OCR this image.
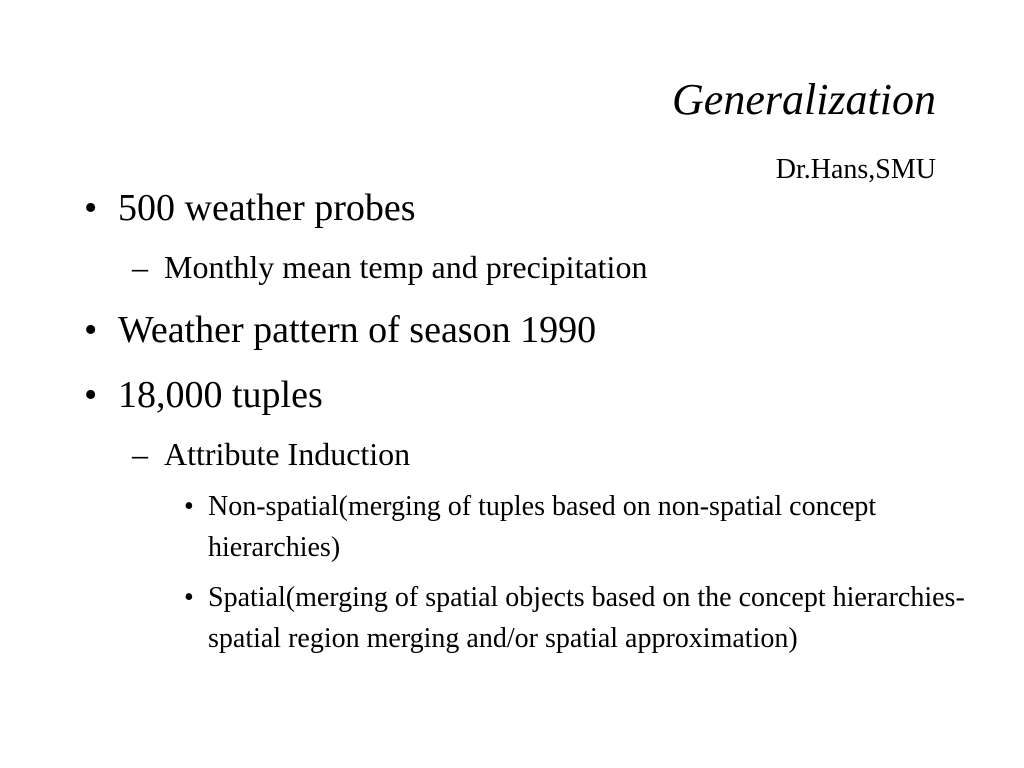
• 500 weather probes
– Monthly mean temp and precipitation
• Weather pattern of season 1990
• 18,000 tuples
– Attribute Induction
• Non-spatial(merging of tuples based on non-spatial concept hierarchies)
• Spatial(merging of spatial objects based on the concept hierarchies-spatial region merging and/or spatial approximation)
Generalization
Dr.Hans,SMU
